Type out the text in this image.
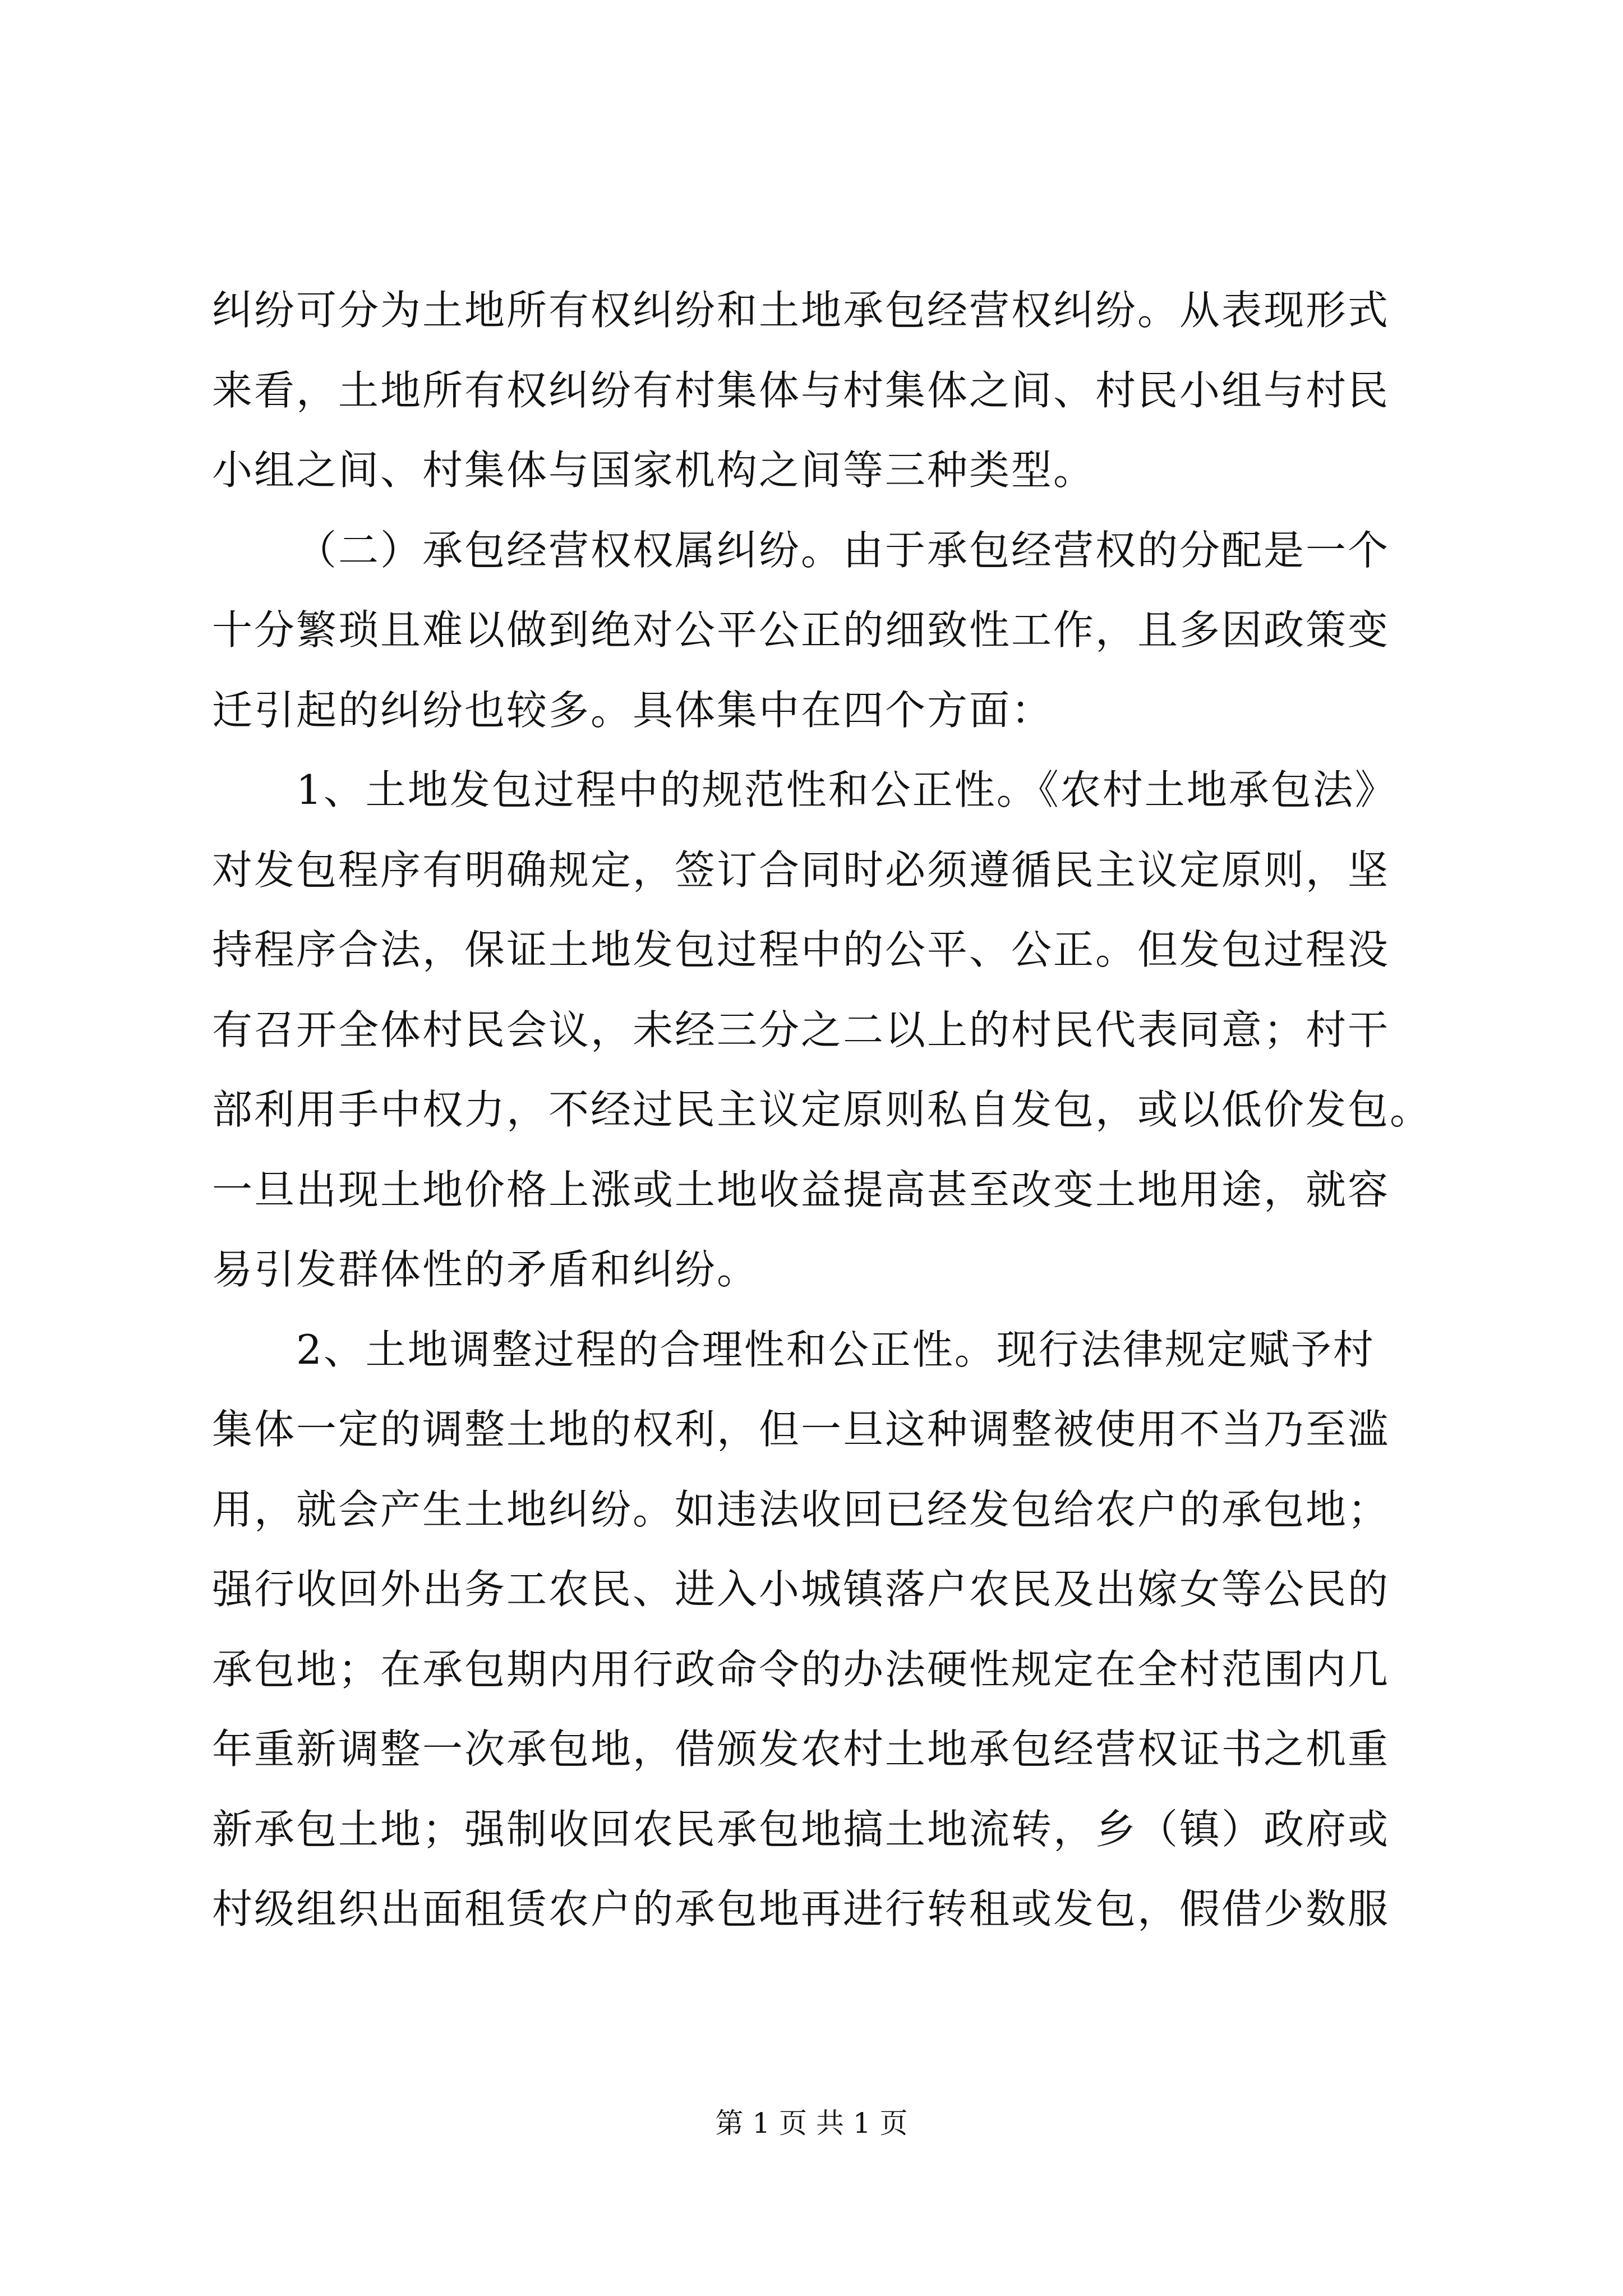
纠纷可分为土地所有权纠纷和土地承包经营权纠纷。从表现形式
来看，土地所有权纠纷有村集体与村集体之间、村民小组与村民
小组之间、村集体与国家机构之间等三种类型。

（二）承包经营权权属纠纷。由于承包经营权的分配是一个
十分繁琐且难以做到绝对公平公正的细致性工作，且多因政策变
迁引起的纠纷也较多。具体集中在四个方面：

1、土地发包过程中的规范性和公正性。《农村土地承包法》
对发包程序有明确规定，签订合同时必须遵循民主议定原则，坚
持程序合法，保证土地发包过程中的公平、公正。但发包过程没
有召开全体村民会议，未经三分之二以上的村民代表同意；村干
部利用手中权力，不经过民主议定原则私自发包，或以低价发包。
一旦出现土地价格上涨或土地收益提高甚至改变土地用途，就容
易引发群体性的矛盾和纠纷。

2、土地调整过程的合理性和公正性。现行法律规定赋予村
集体一定的调整土地的权利，但一旦这种调整被使用不当乃至滥
用，就会产生土地纠纷。如违法收回已经发包给农户的承包地；
强行收回外出务工农民、进入小城镇落户农民及出嫁女等公民的
承包地；在承包期内用行政命令的办法硬性规定在全村范围内几
年重新调整一次承包地，借颁发农村土地承包经营权证书之机重
新承包土地；强制收回农民承包地搞土地流转，乡（镇）政府或
村级组织出面租赁农户的承包地再进行转租或发包，假借少数服

第 1 页 共 1 页
